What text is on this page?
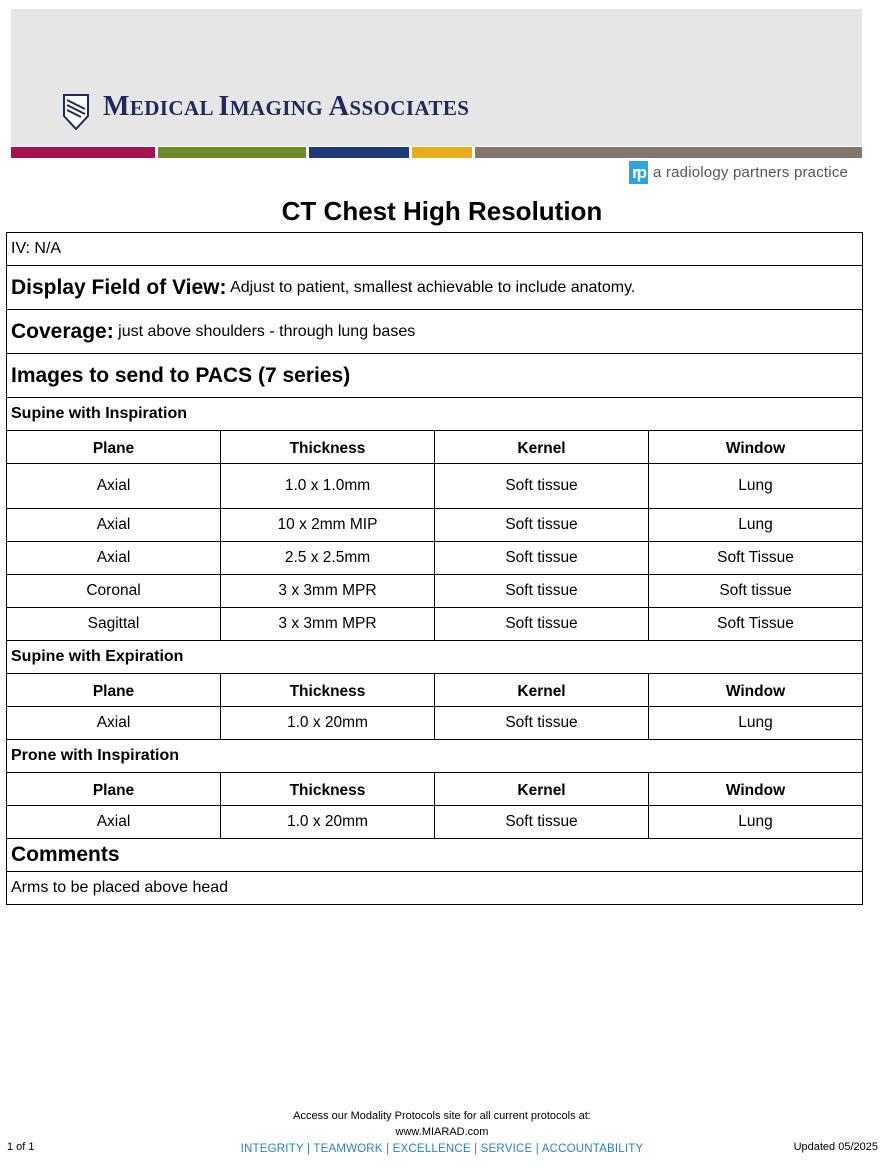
MEDICAL IMAGING ASSOCIATES
rp a radiology partners practice
CT Chest High Resolution
IV: N/A
Display Field of View: Adjust to patient, smallest achievable to include anatomy.
Coverage: just above shoulders - through lung bases
Images to send to PACS (7 series)
Supine with Inspiration
Plane	Thickness	Kernel	Window
Axial	1.0 x 1.0mm	Soft tissue	Lung
Axial	10 x 2mm MIP	Soft tissue	Lung
Axial	2.5 x 2.5mm	Soft tissue	Soft Tissue
Coronal	3 x 3mm MPR	Soft tissue	Soft tissue
Sagittal	3 x 3mm MPR	Soft tissue	Soft Tissue
Supine with Expiration
Plane	Thickness	Kernel	Window
Axial	1.0 x 20mm	Soft tissue	Lung
Prone with Inspiration
Plane	Thickness	Kernel	Window
Axial	1.0 x 20mm	Soft tissue	Lung
Comments
Arms to be placed above head
Access our Modality Protocols site for all current protocols at:
www.MIARAD.com
INTEGRITY | TEAMWORK | EXCELLENCE | SERVICE | ACCOUNTABILITY
1 of 1	Updated 05/2025
